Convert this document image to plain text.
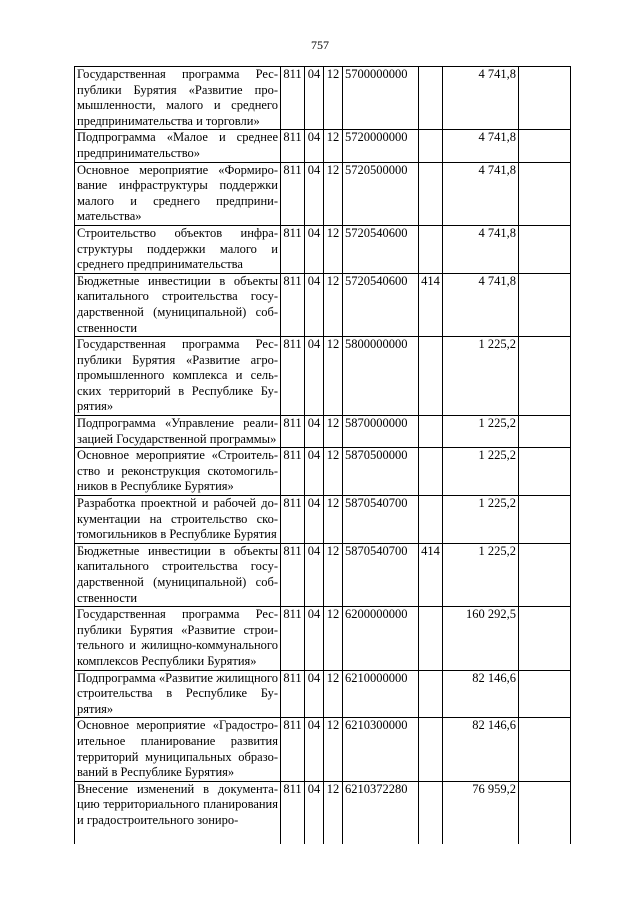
757
Государственная программа Республики Бурятия «Развитие промышленности, малого и среднего предпринимательства и торговли»	811	04	12	5700000000		4 741,8	
Подпрограмма «Малое и среднее предпринимательство»	811	04	12	5720000000		4 741,8	
Основное мероприятие «Формирование инфраструктуры поддержки малого и среднего предпринимательства»	811	04	12	5720500000		4 741,8	
Строительство объектов инфраструктуры поддержки малого и среднего предпринимательства	811	04	12	5720540600		4 741,8	
Бюджетные инвестиции в объекты капитального строительства государственной (муниципальной) собственности	811	04	12	5720540600	414	4 741,8	
Государственная программа Республики Бурятия «Развитие агропромышленного комплекса и сельских территорий в Республике Бурятия»	811	04	12	5800000000		1 225,2	
Подпрограмма «Управление реализацией Государственной программы»	811	04	12	5870000000		1 225,2	
Основное мероприятие «Строительство и реконструкция скотомогильников в Республике Бурятия»	811	04	12	5870500000		1 225,2	
Разработка проектной и рабочей документации на строительство скотомогильников в Республике Бурятия	811	04	12	5870540700		1 225,2	
Бюджетные инвестиции в объекты капитального строительства государственной (муниципальной) собственности	811	04	12	5870540700	414	1 225,2	
Государственная программа Республики Бурятия «Развитие строительного и жилищно-коммунального комплексов Республики Бурятия»	811	04	12	6200000000		160 292,5	
Подпрограмма «Развитие жилищного строительства в Республике Бурятия»	811	04	12	6210000000		82 146,6	
Основное мероприятие «Градостроительное планирование развития территорий муниципальных образований в Республике Бурятия»	811	04	12	6210300000		82 146,6	
Внесение изменений в документацию территориального планирования и градостроительного зониро-	811	04	12	6210372280		76 959,2	
